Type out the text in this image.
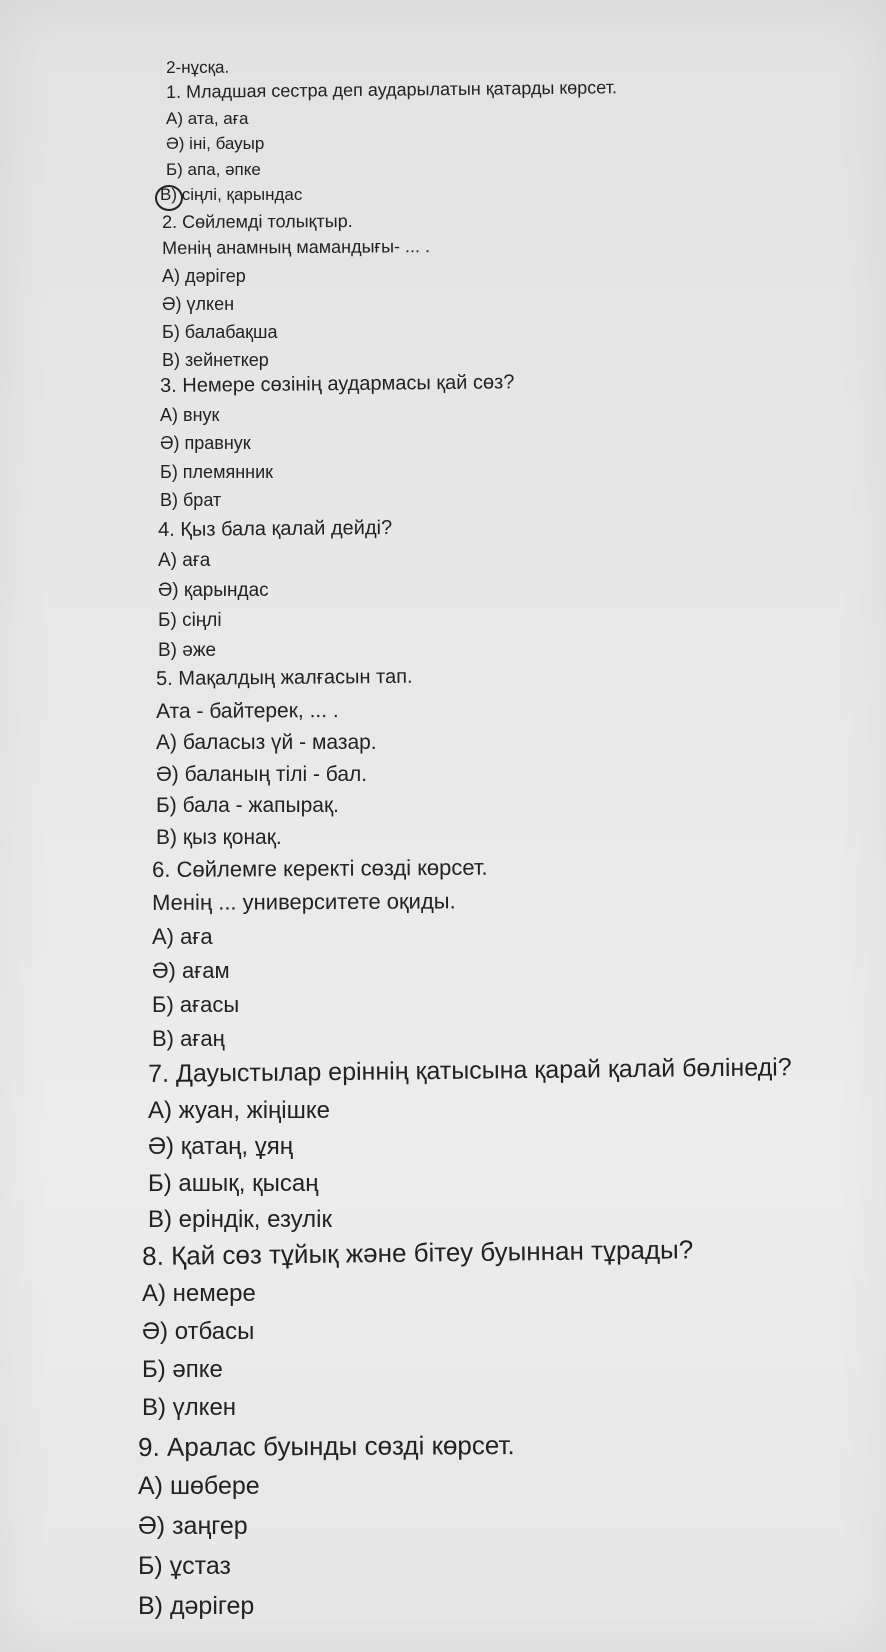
2-нұсқа.
1. Младшая сестра деп аударылатын қатарды көрсет.
А) ата, аға
Ә) іні, бауыр
Б) апа, әпке
В) сіңлі, қарындас
2. Сөйлемді толықтыр.
Менің анамның мамандығы- ... .
А) дәрігер
Ә) үлкен
Б) балабақша
В) зейнеткер
3. Немере сөзінің аудармасы қай сөз?
А) внук
Ә) правнук
Б) племянник
В) брат
4. Қыз бала қалай дейді?
А) аға
Ә) қарындас
Б) сіңлі
В) әже
5. Мақалдың жалғасын тап.
Ата - байтерек, ... .
А) баласыз үй - мазар.
Ә) баланың тілі - бал.
Б) бала - жапырақ.
В) қыз қонақ.
6. Сөйлемге керекті сөзді көрсет.
Менің ... университете оқиды.
А) аға
Ә) ағам
Б) ағасы
В) ағаң
7. Дауыстылар еріннің қатысына қарай қалай бөлінеді?
А) жуан, жіңішке
Ә) қатаң, ұяң
Б) ашық, қысаң
В) еріндік, езулік
8. Қай сөз тұйық және бітеу буыннан тұрады?
А) немере
Ә) отбасы
Б) әпке
В) үлкен
9. Аралас буынды сөзді көрсет.
А) шөбере
Ә) заңгер
Б) ұстаз
В) дәрігер
